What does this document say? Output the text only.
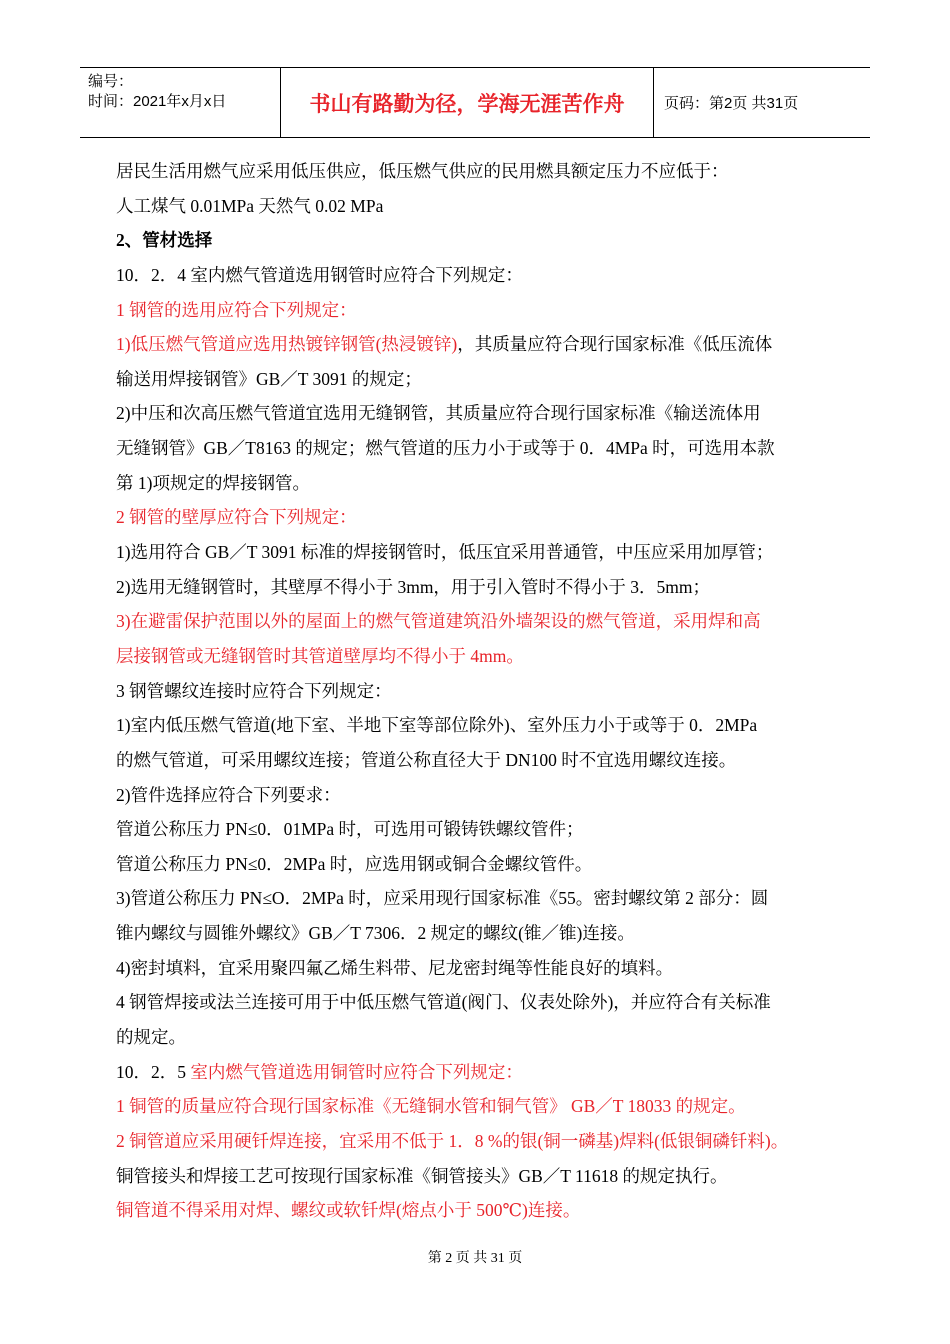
编号：
时间：2021年x月x日	书山有路勤为径，学海无涯苦作舟	页码：第2页 共31页
居民生活用燃气应采用低压供应，低压燃气供应的民用燃具额定压力不应低于：
人工煤气 0.01MPa 天然气 0.02 MPa
2、管材选择
10．2．4 室内燃气管道选用钢管时应符合下列规定：
1 钢管的选用应符合下列规定：
1)低压燃气管道应选用热镀锌钢管(热浸镀锌)，其质量应符合现行国家标准《低压流体
输送用焊接钢管》GB／T 3091 的规定；
2)中压和次高压燃气管道宜选用无缝钢管，其质量应符合现行国家标准《输送流体用
无缝钢管》GB／T8163 的规定；燃气管道的压力小于或等于 0．4MPa 时，可选用本款
第 1)项规定的焊接钢管。
2 钢管的壁厚应符合下列规定：
1)选用符合 GB／T 3091 标准的焊接钢管时，低压宜采用普通管，中压应采用加厚管；
2)选用无缝钢管时，其壁厚不得小于 3mm，用于引入管时不得小于 3．5mm；
3)在避雷保护范围以外的屋面上的燃气管道建筑沿外墙架设的燃气管道，采用焊和高
层接钢管或无缝钢管时其管道壁厚均不得小于 4mm。
3 钢管螺纹连接时应符合下列规定：
1)室内低压燃气管道(地下室、半地下室等部位除外)、室外压力小于或等于 0．2MPa
的燃气管道，可采用螺纹连接；管道公称直径大于 DN100 时不宜选用螺纹连接。
2)管件选择应符合下列要求：
管道公称压力 PN≤0．01MPa 时，可选用可锻铸铁螺纹管件；
管道公称压力 PN≤0．2MPa 时，应选用钢或铜合金螺纹管件。
3)管道公称压力 PN≤O．2MPa 时，应采用现行国家标准《55。密封螺纹第 2 部分：圆
锥内螺纹与圆锥外螺纹》GB／T 7306．2 规定的螺纹(锥／锥)连接。
4)密封填料，宜采用聚四氟乙烯生料带、尼龙密封绳等性能良好的填料。
4 钢管焊接或法兰连接可用于中低压燃气管道(阀门、仪表处除外)，并应符合有关标准
的规定。
10．2．5 室内燃气管道选用铜管时应符合下列规定：
1 铜管的质量应符合现行国家标准《无缝铜水管和铜气管》 GB／T 18033 的规定。
2 铜管道应采用硬钎焊连接，宜采用不低于 1．8 %的银(铜一磷基)焊料(低银铜磷钎料)。
铜管接头和焊接工艺可按现行国家标准《铜管接头》GB／T 11618 的规定执行。
铜管道不得采用对焊、螺纹或软钎焊(熔点小于 500℃)连接。
第 2 页 共 31 页
